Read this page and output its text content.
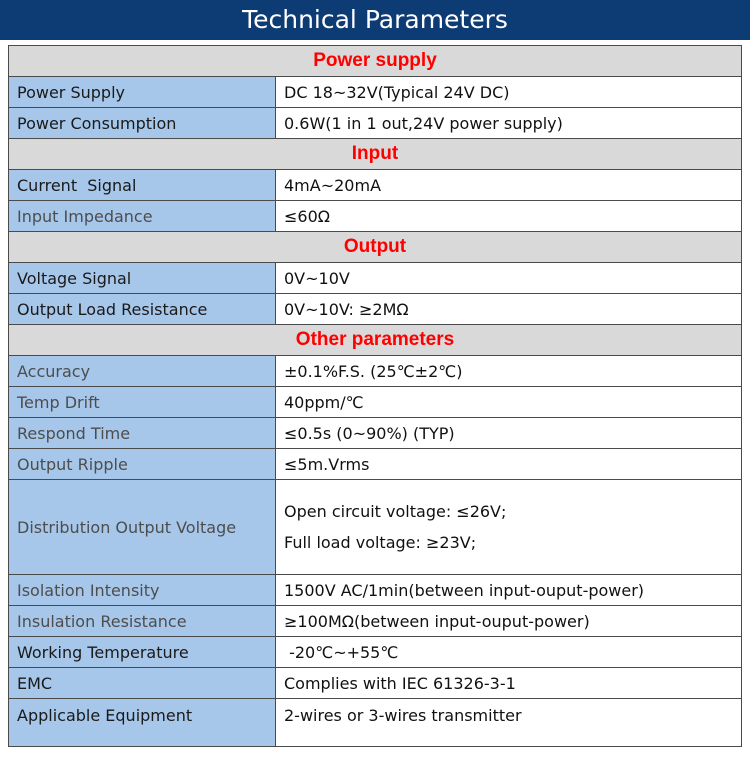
Technical Parameters
Power supply	
Power Supply	DC 18~32V(Typical 24V DC)
Power Consumption	0.6W(1 in 1 out,24V power supply)
Input	
Current  Signal	4mA~20mA
Input Impedance	≤60Ω
Output	
Voltage Signal	0V~10V
Output Load Resistance	0V~10V: ≥2MΩ
Other parameters	
Accuracy	±0.1%F.S. (25℃±2℃)
Temp Drift	40ppm/℃
Respond Time	≤0.5s (0~90%) (TYP)
Output Ripple	≤5m.Vrms
Distribution Output Voltage	Open circuit voltage: ≤26V;
Full load voltage: ≥23V;

Isolation Intensity	1500V AC/1min(between input-ouput-power)
Insulation Resistance	≥100MΩ(between input-ouput-power)
Working Temperature	-20℃~+55℃
EMC	Complies with IEC 61326-3-1
Applicable Equipment	2-wires or 3-wires transmitter
